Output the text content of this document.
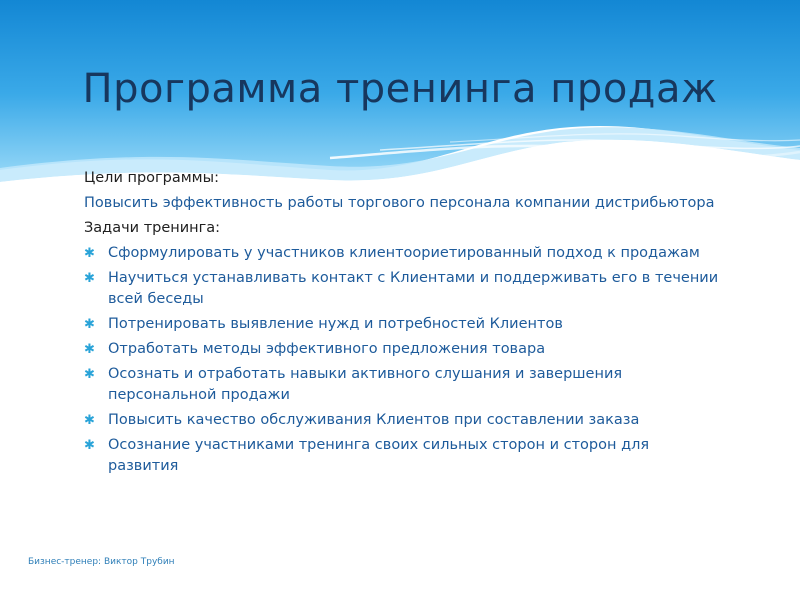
Программа тренинга продаж
Цели программы:
Повысить эффективность работы торгового персонала компании дистрибьютора
Задачи тренинга:
✱ Сформулировать у участников клиентоориетированный подход к продажам
✱ Научиться устанавливать контакт с Клиентами и поддерживать его в течении всей беседы
✱ Потренировать выявление нужд и потребностей Клиентов
✱ Отработать методы эффективного предложения товара
✱ Осознать и отработать навыки активного слушания и завершения персональной продажи
✱ Повысить качество обслуживания Клиентов при составлении заказа
✱ Осознание участниками тренинга своих сильных сторон и сторон для развития
Бизнес-тренер: Виктор Трубин
